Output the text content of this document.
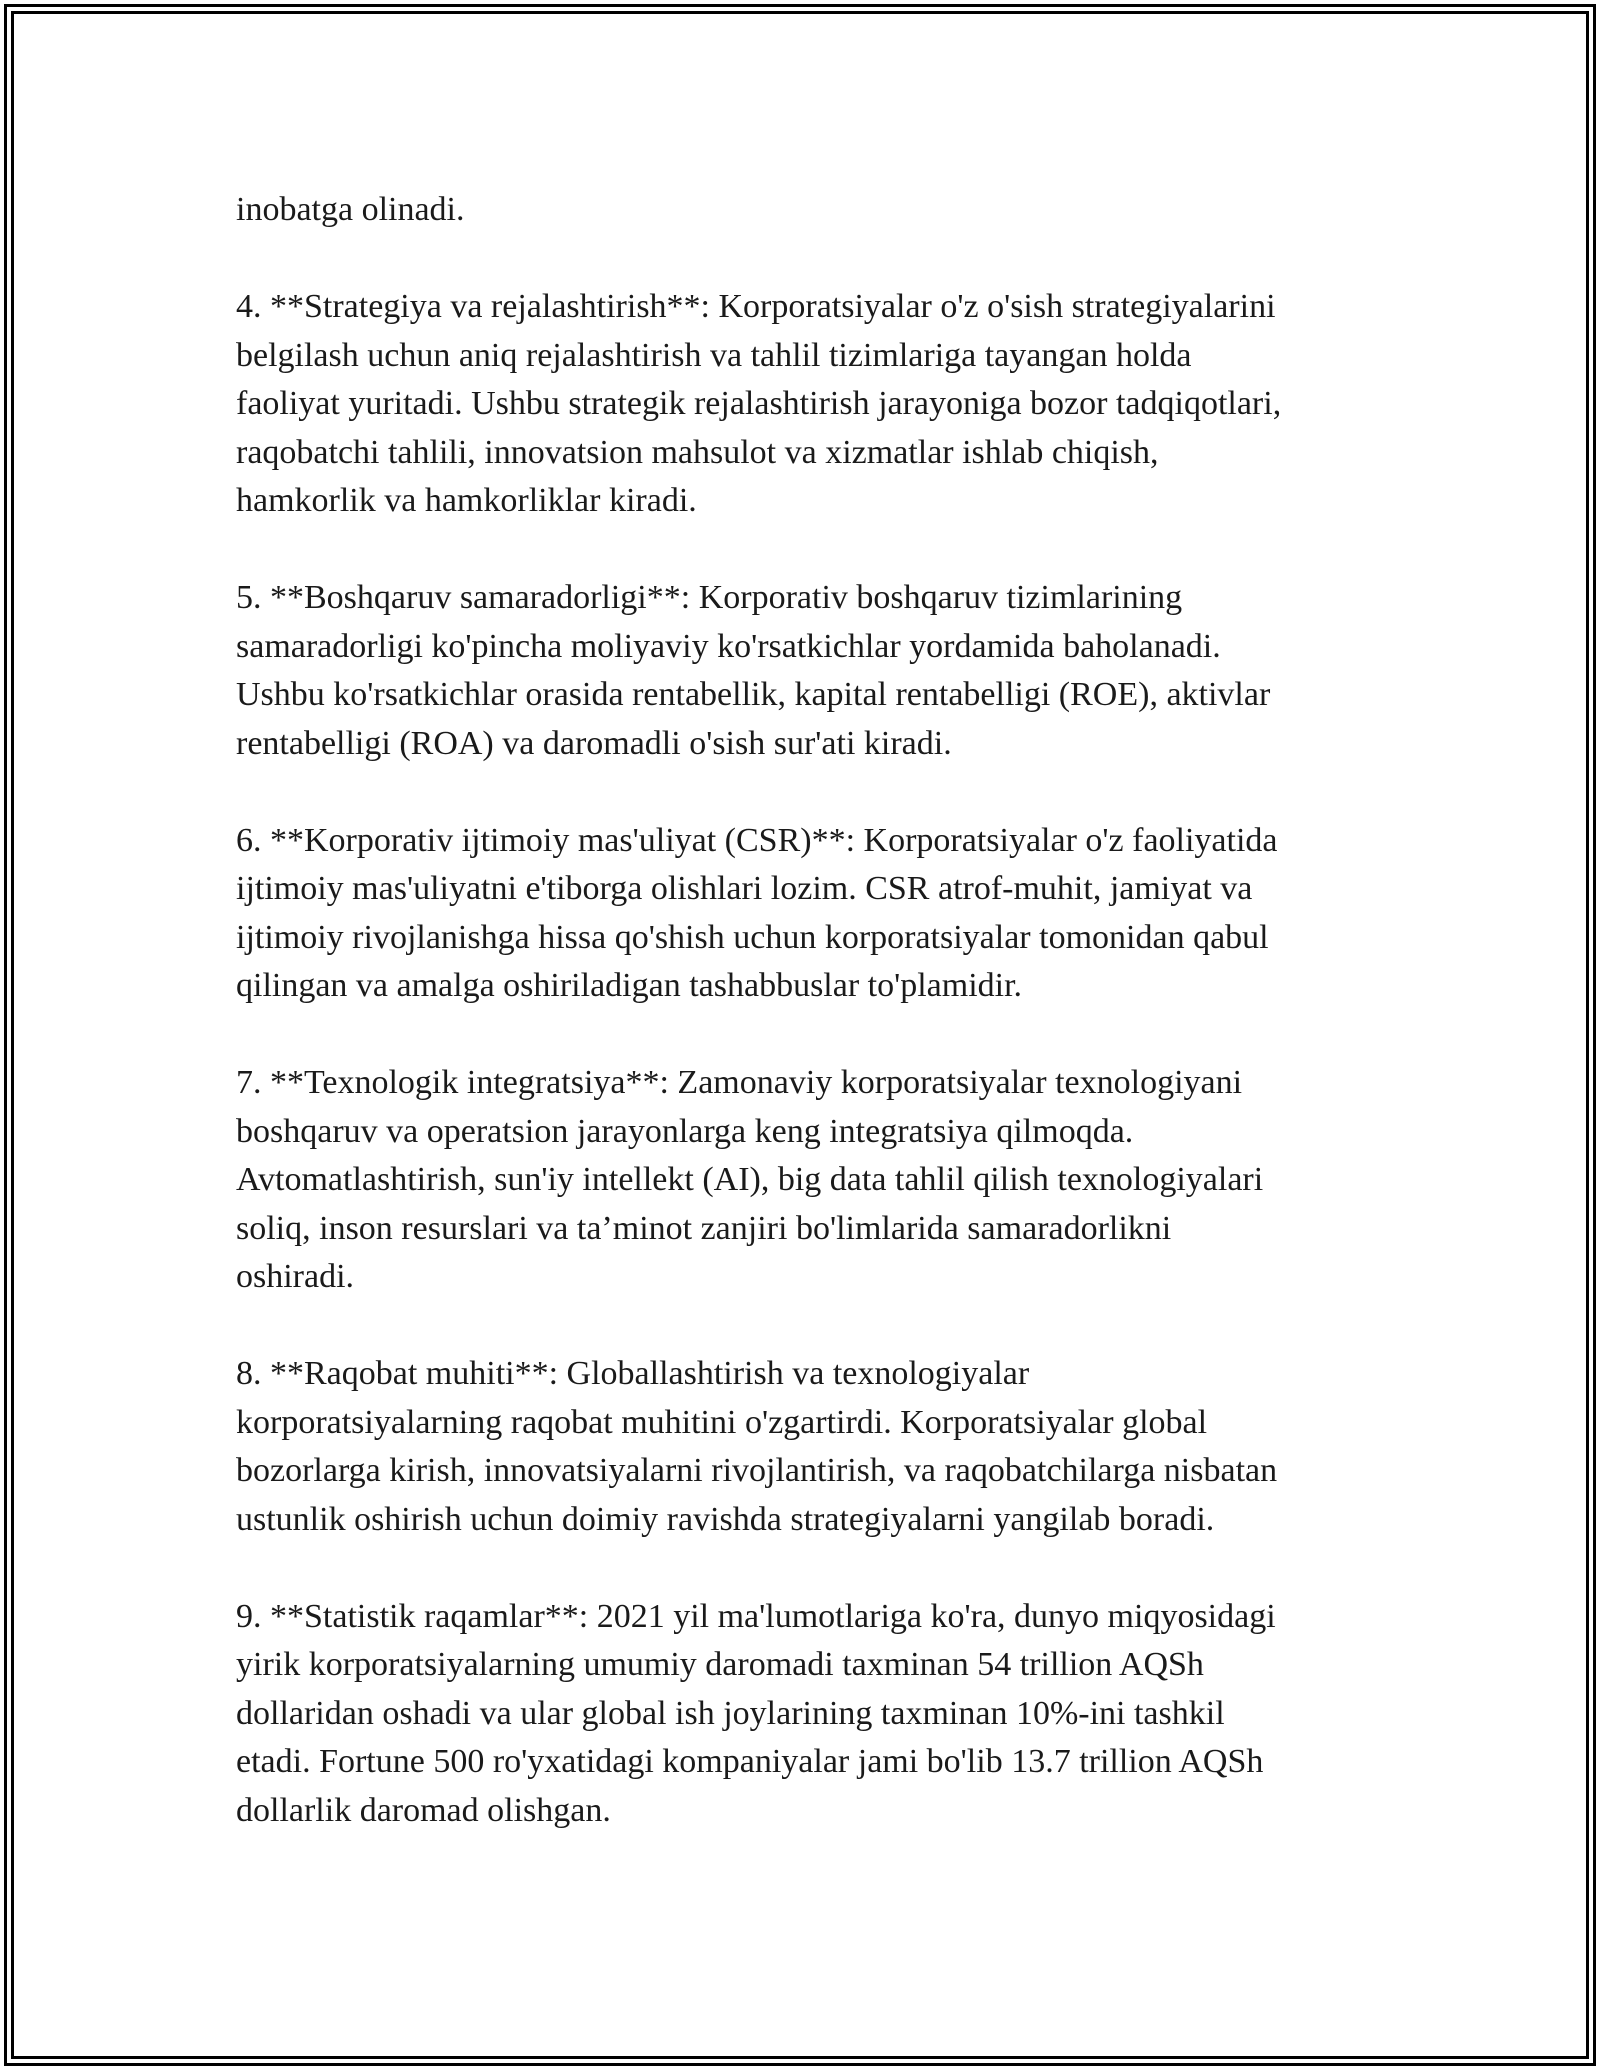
inobatga olinadi.

4. **Strategiya va rejalashtirish**: Korporatsiyalar o'z o'sish strategiyalarini
belgilash uchun aniq rejalashtirish va tahlil tizimlariga tayangan holda
faoliyat yuritadi. Ushbu strategik rejalashtirish jarayoniga bozor tadqiqotlari,
raqobatchi tahlili, innovatsion mahsulot va xizmatlar ishlab chiqish,
hamkorlik va hamkorliklar kiradi.

5. **Boshqaruv samaradorligi**: Korporativ boshqaruv tizimlarining
samaradorligi ko'pincha moliyaviy ko'rsatkichlar yordamida baholanadi.
Ushbu ko'rsatkichlar orasida rentabellik, kapital rentabelligi (ROE), aktivlar
rentabelligi (ROA) va daromadli o'sish sur'ati kiradi.

6. **Korporativ ijtimoiy mas'uliyat (CSR)**: Korporatsiyalar o'z faoliyatida
ijtimoiy mas'uliyatni e'tiborga olishlari lozim. CSR atrof-muhit, jamiyat va
ijtimoiy rivojlanishga hissa qo'shish uchun korporatsiyalar tomonidan qabul
qilingan va amalga oshiriladigan tashabbuslar to'plamidir.

7. **Texnologik integratsiya**: Zamonaviy korporatsiyalar texnologiyani
boshqaruv va operatsion jarayonlarga keng integratsiya qilmoqda.
Avtomatlashtirish, sun'iy intellekt (AI), big data tahlil qilish texnologiyalari
soliq, inson resurslari va ta’minot zanjiri bo'limlarida samaradorlikni
oshiradi.

8. **Raqobat muhiti**: Globallashtirish va texnologiyalar
korporatsiyalarning raqobat muhitini o'zgartirdi. Korporatsiyalar global
bozorlarga kirish, innovatsiyalarni rivojlantirish, va raqobatchilarga nisbatan
ustunlik oshirish uchun doimiy ravishda strategiyalarni yangilab boradi.

9. **Statistik raqamlar**: 2021 yil ma'lumotlariga ko'ra, dunyo miqyosidagi
yirik korporatsiyalarning umumiy daromadi taxminan 54 trillion AQSh
dollaridan oshadi va ular global ish joylarining taxminan 10%-ini tashkil
etadi. Fortune 500 ro'yxatidagi kompaniyalar jami bo'lib 13.7 trillion AQSh
dollarlik daromad olishgan.
